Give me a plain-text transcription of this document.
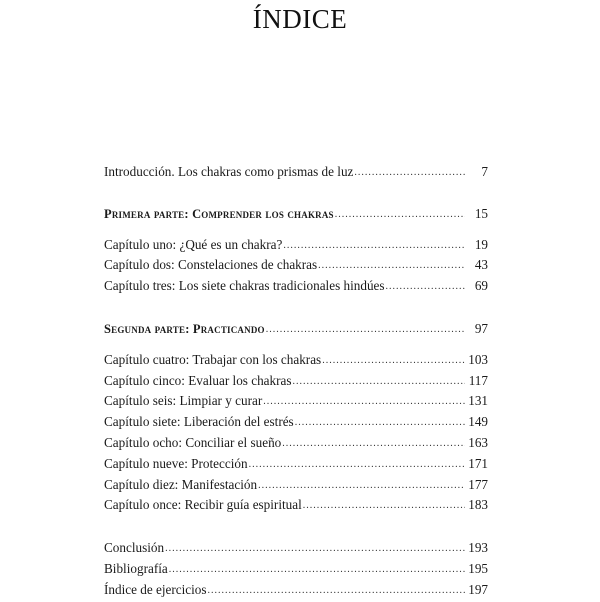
ÍNDICE
Introducción. Los chakras como prismas de luz .....	7
Primera parte: Comprender los chakras .....	15
Capítulo uno: ¿Qué es un chakra? .....	19
Capítulo dos: Constelaciones de chakras .....	43
Capítulo tres: Los siete chakras tradicionales hindúes .....	69
Segunda parte: Practicando .....	97
Capítulo cuatro: Trabajar con los chakras .....	103
Capítulo cinco: Evaluar los chakras .....	117
Capítulo seis: Limpiar y curar .....	131
Capítulo siete: Liberación del estrés .....	149
Capítulo ocho: Conciliar el sueño .....	163
Capítulo nueve: Protección .....	171
Capítulo diez: Manifestación .....	177
Capítulo once: Recibir guía espiritual .....	183
Conclusión .....	193
Bibliografía .....	195
Índice de ejercicios .....	197
